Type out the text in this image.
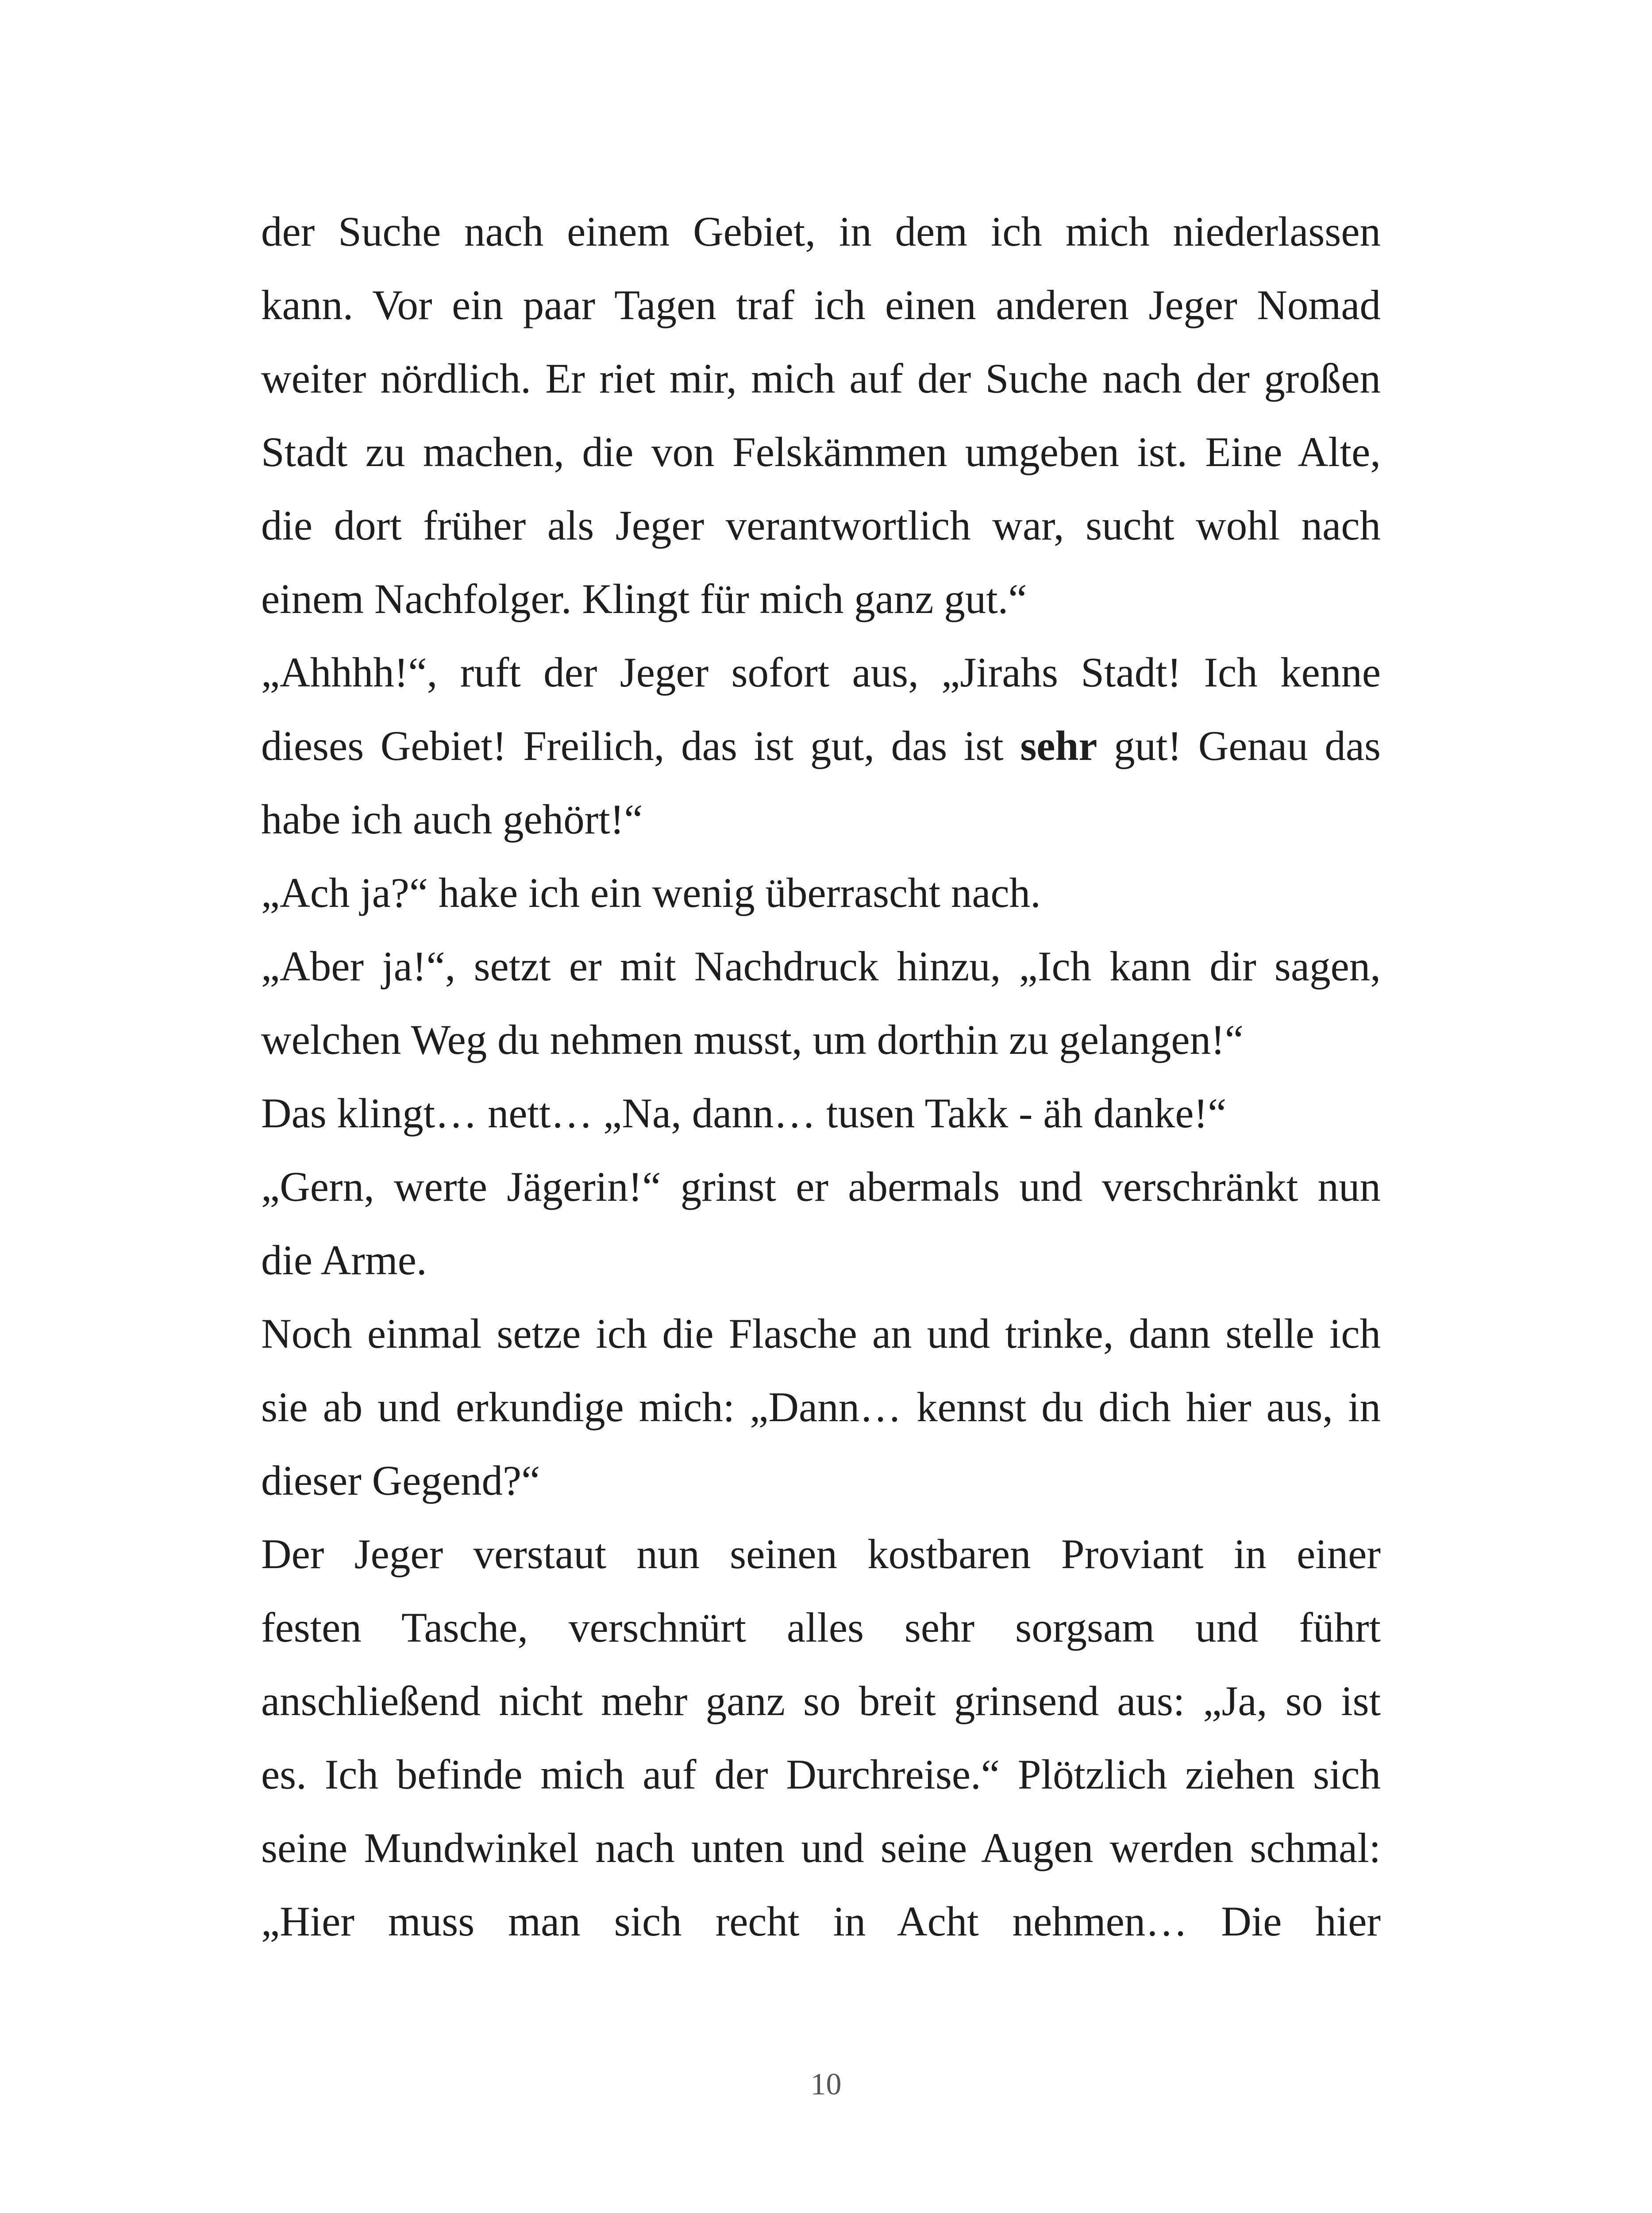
der Suche nach einem Gebiet, in dem ich mich niederlassen
kann. Vor ein paar Tagen traf ich einen anderen Jeger Nomad
weiter nördlich. Er riet mir, mich auf der Suche nach der großen
Stadt zu machen, die von Felskämmen umgeben ist. Eine Alte,
die dort früher als Jeger verantwortlich war, sucht wohl nach
einem Nachfolger. Klingt für mich ganz gut.“
„Ahhhh!“, ruft der Jeger sofort aus, „Jirahs Stadt! Ich kenne
dieses Gebiet! Freilich, das ist gut, das ist sehr gut! Genau das
habe ich auch gehört!“
„Ach ja?“ hake ich ein wenig überrascht nach.
„Aber ja!“, setzt er mit Nachdruck hinzu, „Ich kann dir sagen,
welchen Weg du nehmen musst, um dorthin zu gelangen!“
Das klingt… nett… „Na, dann… tusen Takk - äh danke!“
„Gern, werte Jägerin!“ grinst er abermals und verschränkt nun
die Arme.
Noch einmal setze ich die Flasche an und trinke, dann stelle ich
sie ab und erkundige mich: „Dann… kennst du dich hier aus, in
dieser Gegend?“
Der Jeger verstaut nun seinen kostbaren Proviant in einer
festen Tasche, verschnürt alles sehr sorgsam und führt
anschließend nicht mehr ganz so breit grinsend aus: „Ja, so ist
es. Ich befinde mich auf der Durchreise.“ Plötzlich ziehen sich
seine Mundwinkel nach unten und seine Augen werden schmal:
„Hier muss man sich recht in Acht nehmen… Die hier
10
